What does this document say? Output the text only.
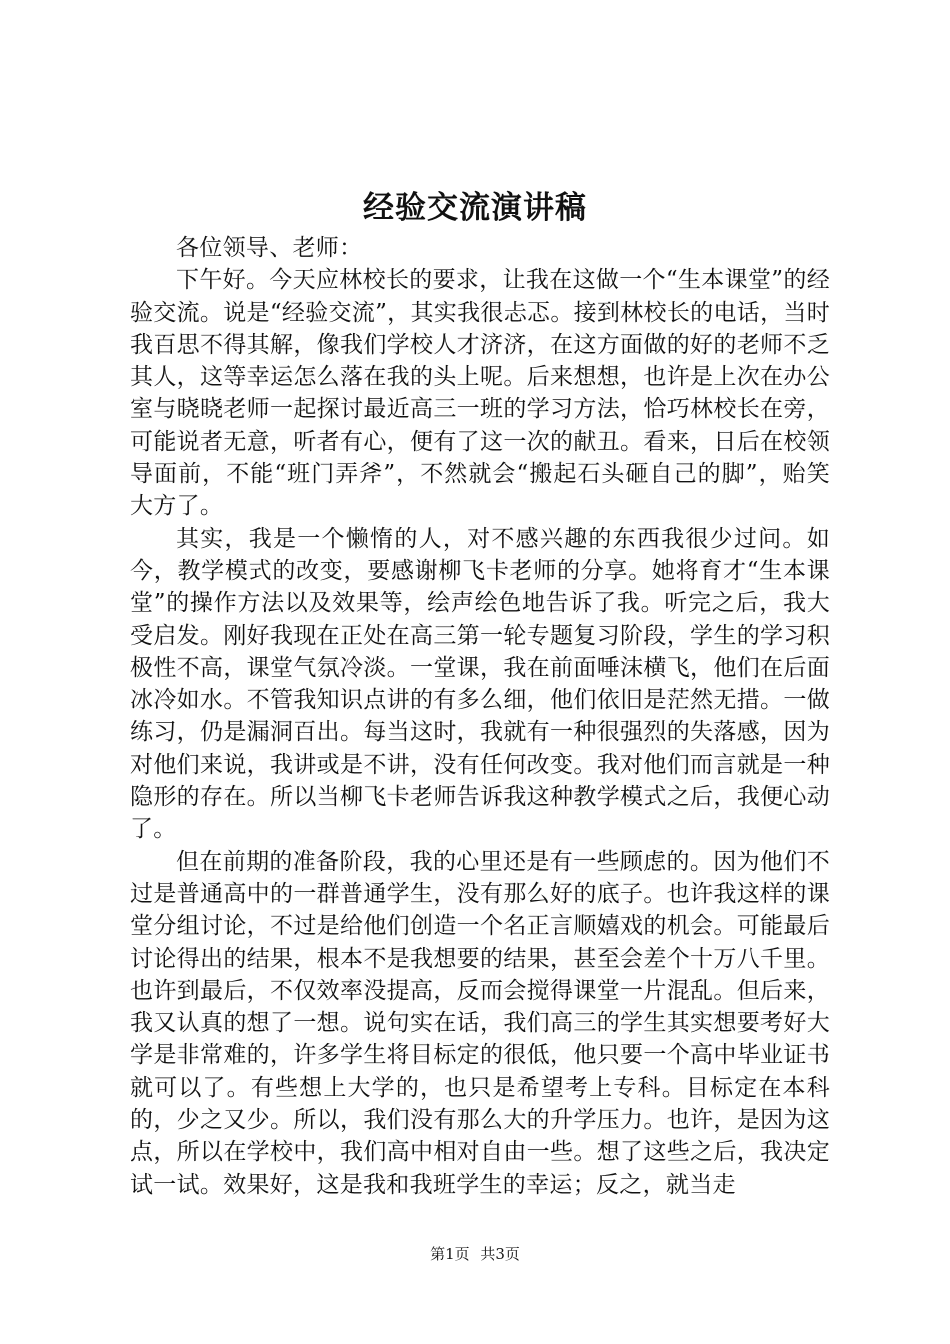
经验交流演讲稿

各位领导、老师：

下午好。今天应林校长的要求，让我在这做一个“生本课堂”的经验交流。说是“经验交流”，其实我很忐忑。接到林校长的电话，当时我百思不得其解，像我们学校人才济济，在这方面做的好的老师不乏其人，这等幸运怎么落在我的头上呢。后来想想，也许是上次在办公室与晓晓老师一起探讨最近高三一班的学习方法，恰巧林校长在旁，可能说者无意，听者有心，便有了这一次的献丑。看来，日后在校领导面前，不能“班门弄斧”，不然就会“搬起石头砸自己的脚”，贻笑大方了。

其实，我是一个懒惰的人，对不感兴趣的东西我很少过问。如今，教学模式的改变，要感谢柳飞卡老师的分享。她将育才“生本课堂”的操作方法以及效果等，绘声绘色地告诉了我。听完之后，我大受启发。刚好我现在正处在高三第一轮专题复习阶段，学生的学习积极性不高，课堂气氛冷淡。一堂课，我在前面唾沫横飞，他们在后面冰冷如水。不管我知识点讲的有多么细，他们依旧是茫然无措。一做练习，仍是漏洞百出。每当这时，我就有一种很强烈的失落感，因为对他们来说，我讲或是不讲，没有任何改变。我对他们而言就是一种隐形的存在。所以当柳飞卡老师告诉我这种教学模式之后，我便心动了。

但在前期的准备阶段，我的心里还是有一些顾虑的。因为他们不过是普通高中的一群普通学生，没有那么好的底子。也许我这样的课堂分组讨论，不过是给他们创造一个名正言顺嬉戏的机会。可能最后讨论得出的结果，根本不是我想要的结果，甚至会差个十万八千里。也许到最后，不仅效率没提高，反而会搅得课堂一片混乱。但后来，我又认真的想了一想。说句实在话，我们高三的学生其实想要考好大学是非常难的，许多学生将目标定的很低，他只要一个高中毕业证书就可以了。有些想上大学的，也只是希望考上专科。目标定在本科的，少之又少。所以，我们没有那么大的升学压力。也许，是因为这点，所以在学校中，我们高中相对自由一些。想了这些之后，我决定试一试。效果好，这是我和我班学生的幸运；反之，就当走

第1页 共3页
